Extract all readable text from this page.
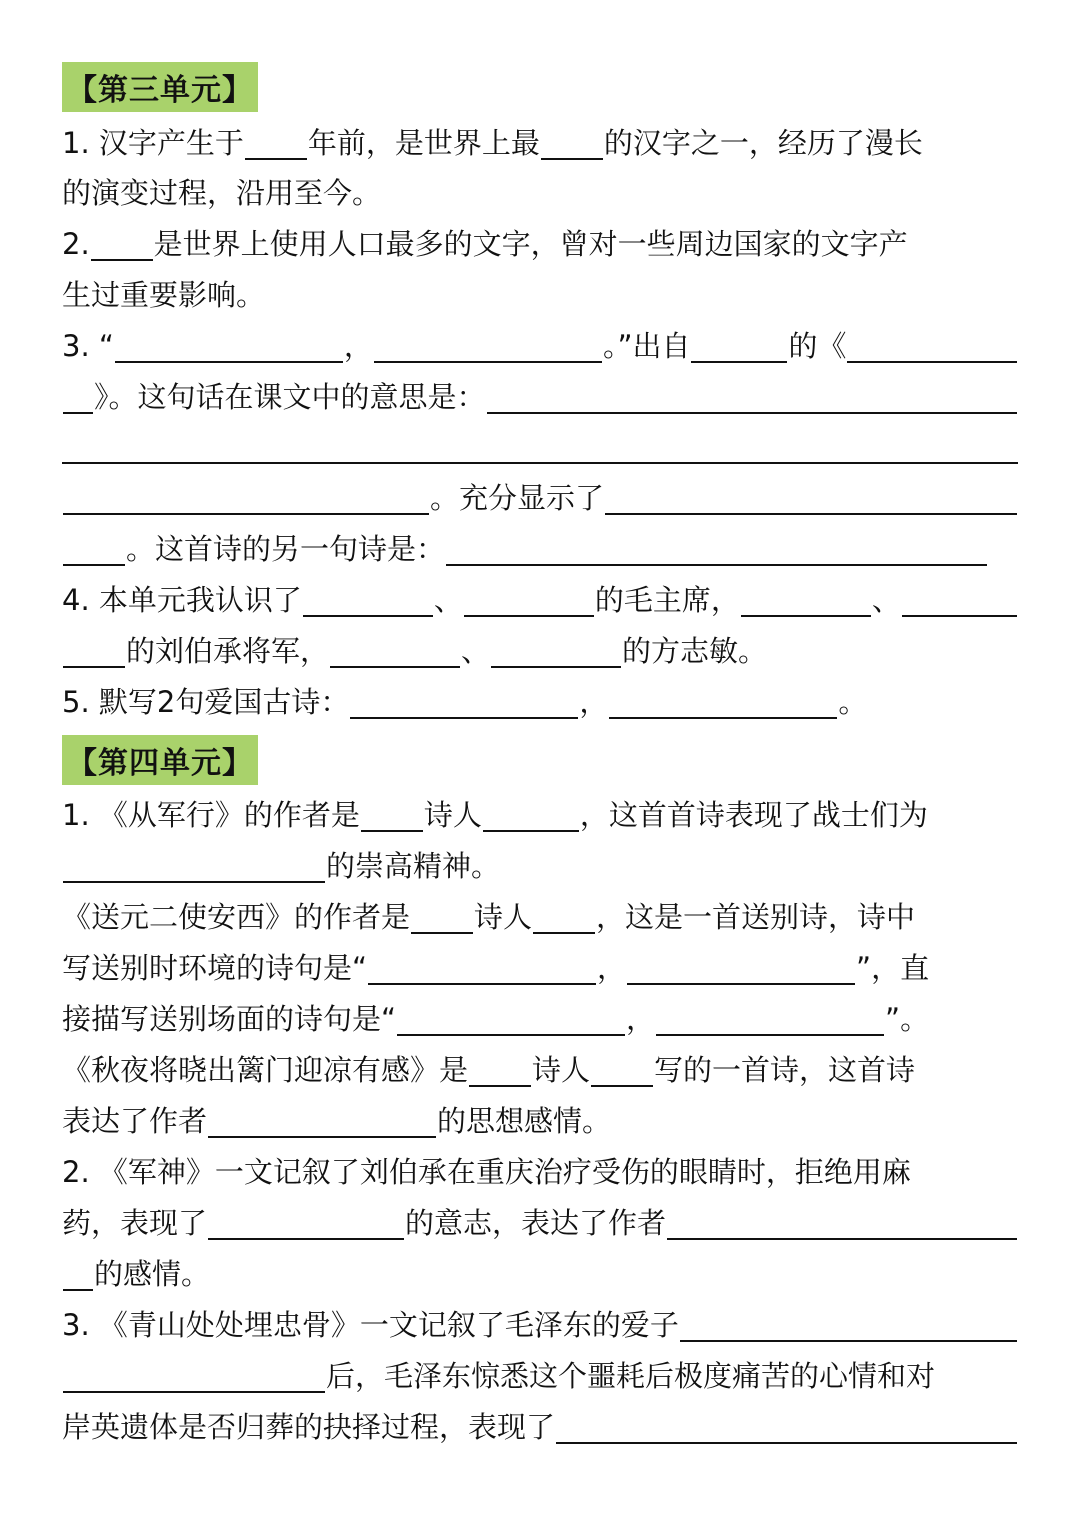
【第三单元】
1. 汉字产生于 年前，是世界上最 的汉字之一，经历了漫长
的演变过程，沿用至今。
2. 是世界上使用人口最多的文字，曾对一些周边国家的文字产
生过重要影响。
3. “	，	。”出自	的《
》。这句话在课文中的意思是：
。充分显示了
。这首诗的另一句诗是：
4. 本单元我认识了	、	的毛主席，	、
的刘伯承将军，	、	的方志敏。
5. 默写2句爱国古诗：	，	。
【第四单元】
1. 《从军行》的作者是 诗人	，这首首诗表现了战士们为
的崇高精神。
《送元二使安西》的作者是 诗人 ，这是一首送别诗，诗中
写送别时环境的诗句是“	，	”，直
接描写送别场面的诗句是“	，	”。
《秋夜将晓出篱门迎凉有感》是 诗人 写的一首诗，这首诗
表达了作者	的思想感情。
2. 《军神》一文记叙了刘伯承在重庆治疗受伤的眼睛时，拒绝用麻
药，表现了	的意志，表达了作者
的感情。
3. 《青山处处埋忠骨》一文记叙了毛泽东的爱子
后，毛泽东惊悉这个噩耗后极度痛苦的心情和对
岸英遗体是否归葬的抉择过程，表现了
